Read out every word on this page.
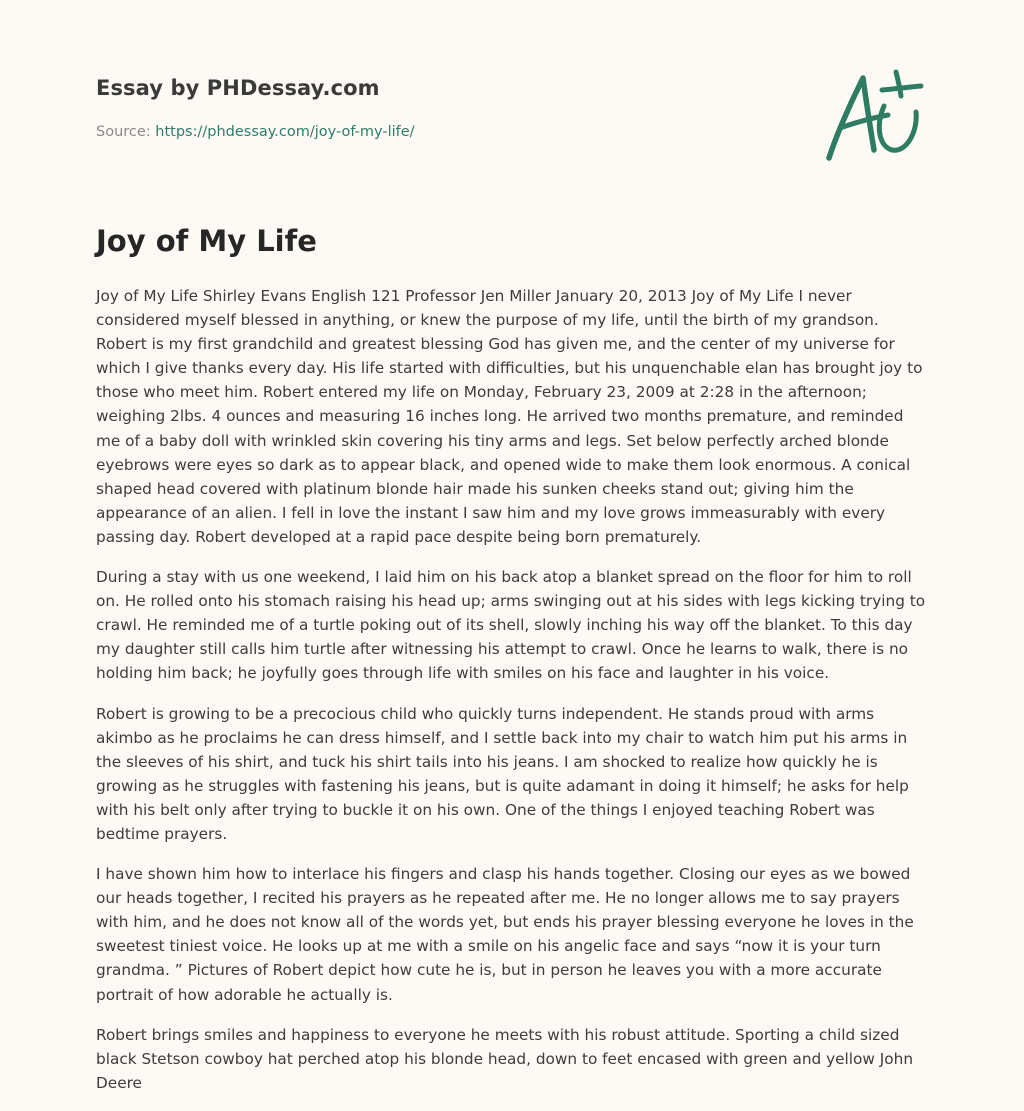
Essay by PHDessay.com
Source: https://phdessay.com/joy-of-my-life/
Joy of My Life

Joy of My Life Shirley Evans English 121 Professor Jen Miller January 20, 2013 Joy of My Life I never considered myself blessed in anything, or knew the purpose of my life, until the birth of my grandson. Robert is my first grandchild and greatest blessing God has given me, and the center of my universe for which I give thanks every day. His life started with difficulties, but his unquenchable elan has brought joy to those who meet him. Robert entered my life on Monday, February 23, 2009 at 2:28 in the afternoon; weighing 2lbs. 4 ounces and measuring 16 inches long. He arrived two months premature, and reminded me of a baby doll with wrinkled skin covering his tiny arms and legs. Set below perfectly arched blonde eyebrows were eyes so dark as to appear black, and opened wide to make them look enormous. A conical shaped head covered with platinum blonde hair made his sunken cheeks stand out; giving him the appearance of an alien. I fell in love the instant I saw him and my love grows immeasurably with every passing day. Robert developed at a rapid pace despite being born prematurely.

During a stay with us one weekend, I laid him on his back atop a blanket spread on the floor for him to roll on. He rolled onto his stomach raising his head up; arms swinging out at his sides with legs kicking trying to crawl. He reminded me of a turtle poking out of its shell, slowly inching his way off the blanket. To this day my daughter still calls him turtle after witnessing his attempt to crawl. Once he learns to walk, there is no holding him back; he joyfully goes through life with smiles on his face and laughter in his voice.

Robert is growing to be a precocious child who quickly turns independent. He stands proud with arms akimbo as he proclaims he can dress himself, and I settle back into my chair to watch him put his arms in the sleeves of his shirt, and tuck his shirt tails into his jeans. I am shocked to realize how quickly he is growing as he struggles with fastening his jeans, but is quite adamant in doing it himself; he asks for help with his belt only after trying to buckle it on his own. One of the things I enjoyed teaching Robert was bedtime prayers.

I have shown him how to interlace his fingers and clasp his hands together. Closing our eyes as we bowed our heads together, I recited his prayers as he repeated after me. He no longer allows me to say prayers with him, and he does not know all of the words yet, but ends his prayer blessing everyone he loves in the sweetest tiniest voice. He looks up at me with a smile on his angelic face and says “now it is your turn grandma. ” Pictures of Robert depict how cute he is, but in person he leaves you with a more accurate portrait of how adorable he actually is.

Robert brings smiles and happiness to everyone he meets with his robust attitude. Sporting a child sized black Stetson cowboy hat perched atop his blonde head, down to feet encased with green and yellow John Deere
